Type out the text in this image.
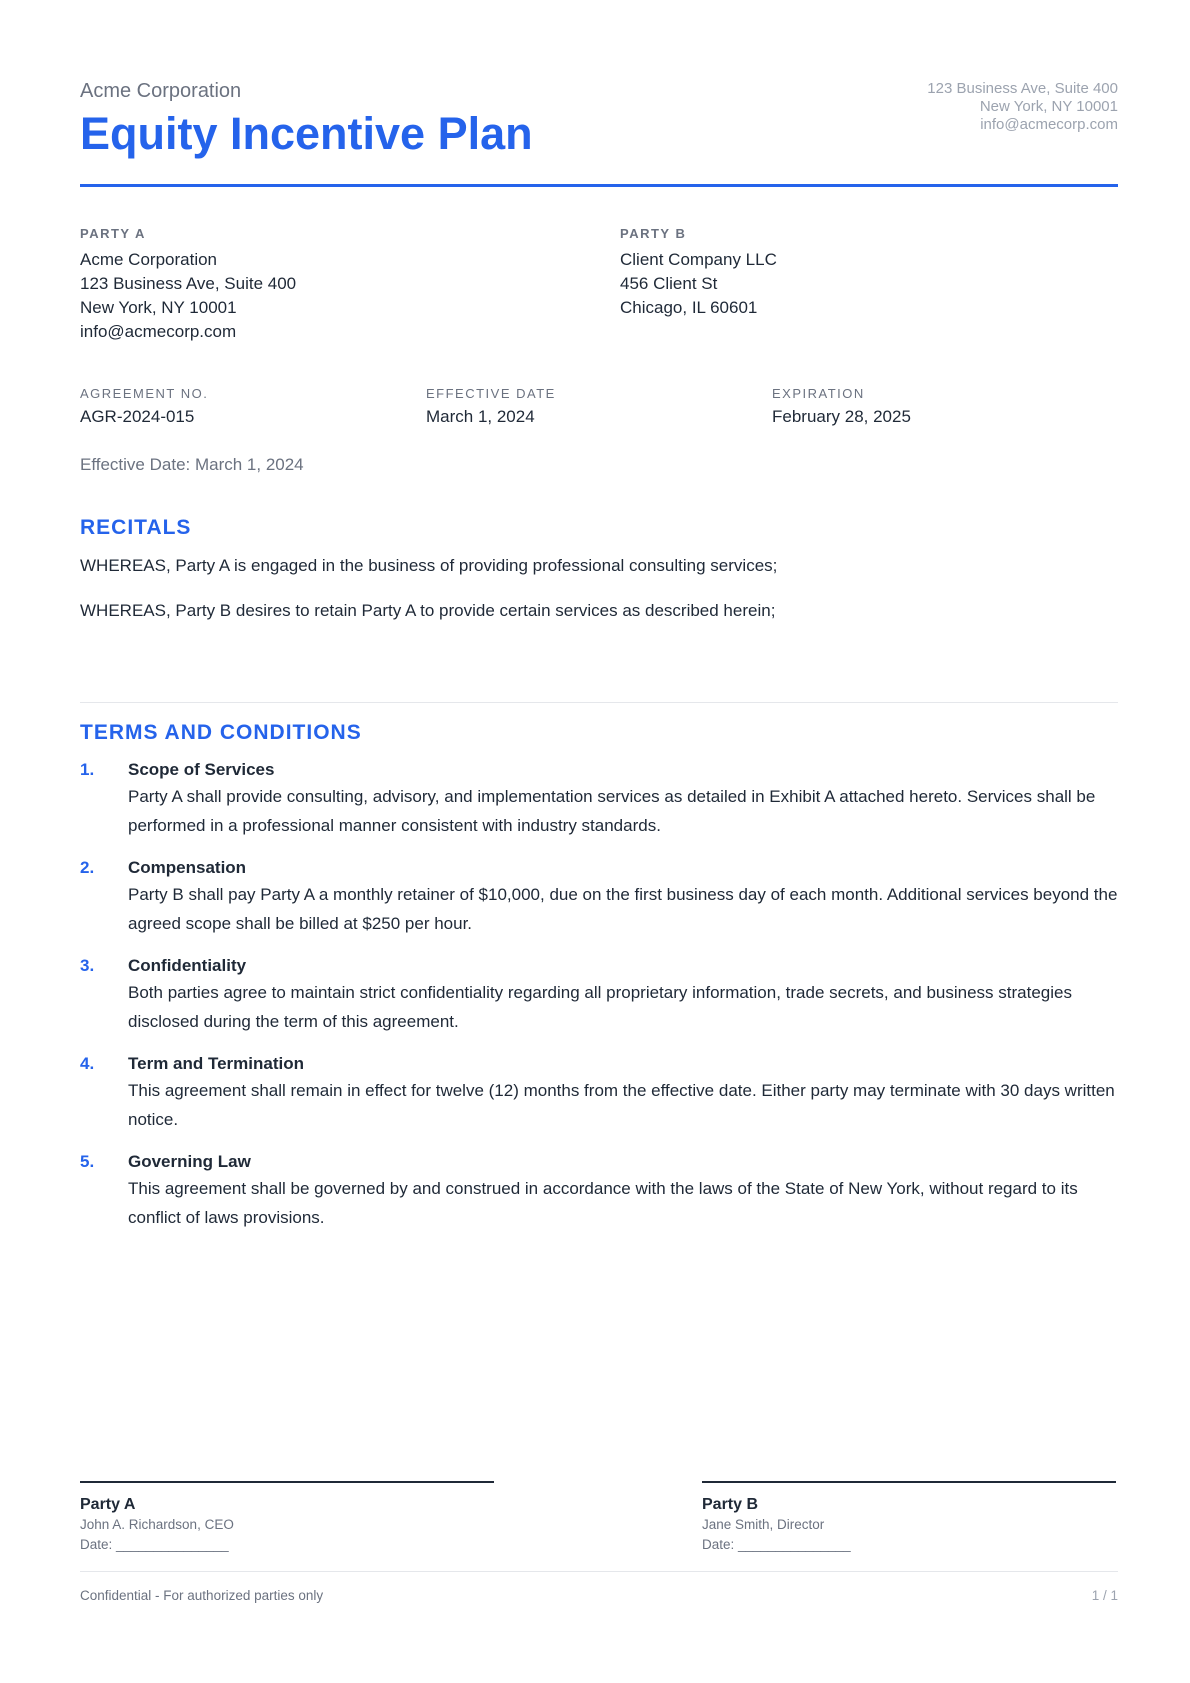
Acme Corporation
Equity Incentive Plan
123 Business Ave, Suite 400
New York, NY 10001
info@acmecorp.com
PARTY A
Acme Corporation
123 Business Ave, Suite 400
New York, NY 10001
info@acmecorp.com
PARTY B
Client Company LLC
456 Client St
Chicago, IL 60601
AGREEMENT NO.
AGR-2024-015
EFFECTIVE DATE
March 1, 2024
EXPIRATION
February 28, 2025
Effective Date: March 1, 2024
RECITALS
WHEREAS, Party A is engaged in the business of providing professional consulting services;
WHEREAS, Party B desires to retain Party A to provide certain services as described herein;
TERMS AND CONDITIONS
1. Scope of Services
Party A shall provide consulting, advisory, and implementation services as detailed in Exhibit A attached hereto. Services shall be performed in a professional manner consistent with industry standards.
2. Compensation
Party B shall pay Party A a monthly retainer of $10,000, due on the first business day of each month. Additional services beyond the agreed scope shall be billed at $250 per hour.
3. Confidentiality
Both parties agree to maintain strict confidentiality regarding all proprietary information, trade secrets, and business strategies disclosed during the term of this agreement.
4. Term and Termination
This agreement shall remain in effect for twelve (12) months from the effective date. Either party may terminate with 30 days written notice.
5. Governing Law
This agreement shall be governed by and construed in accordance with the laws of the State of New York, without regard to its conflict of laws provisions.
Party A
John A. Richardson, CEO
Date: _______________
Party B
Jane Smith, Director
Date: _______________
Confidential - For authorized parties only	1 / 1
